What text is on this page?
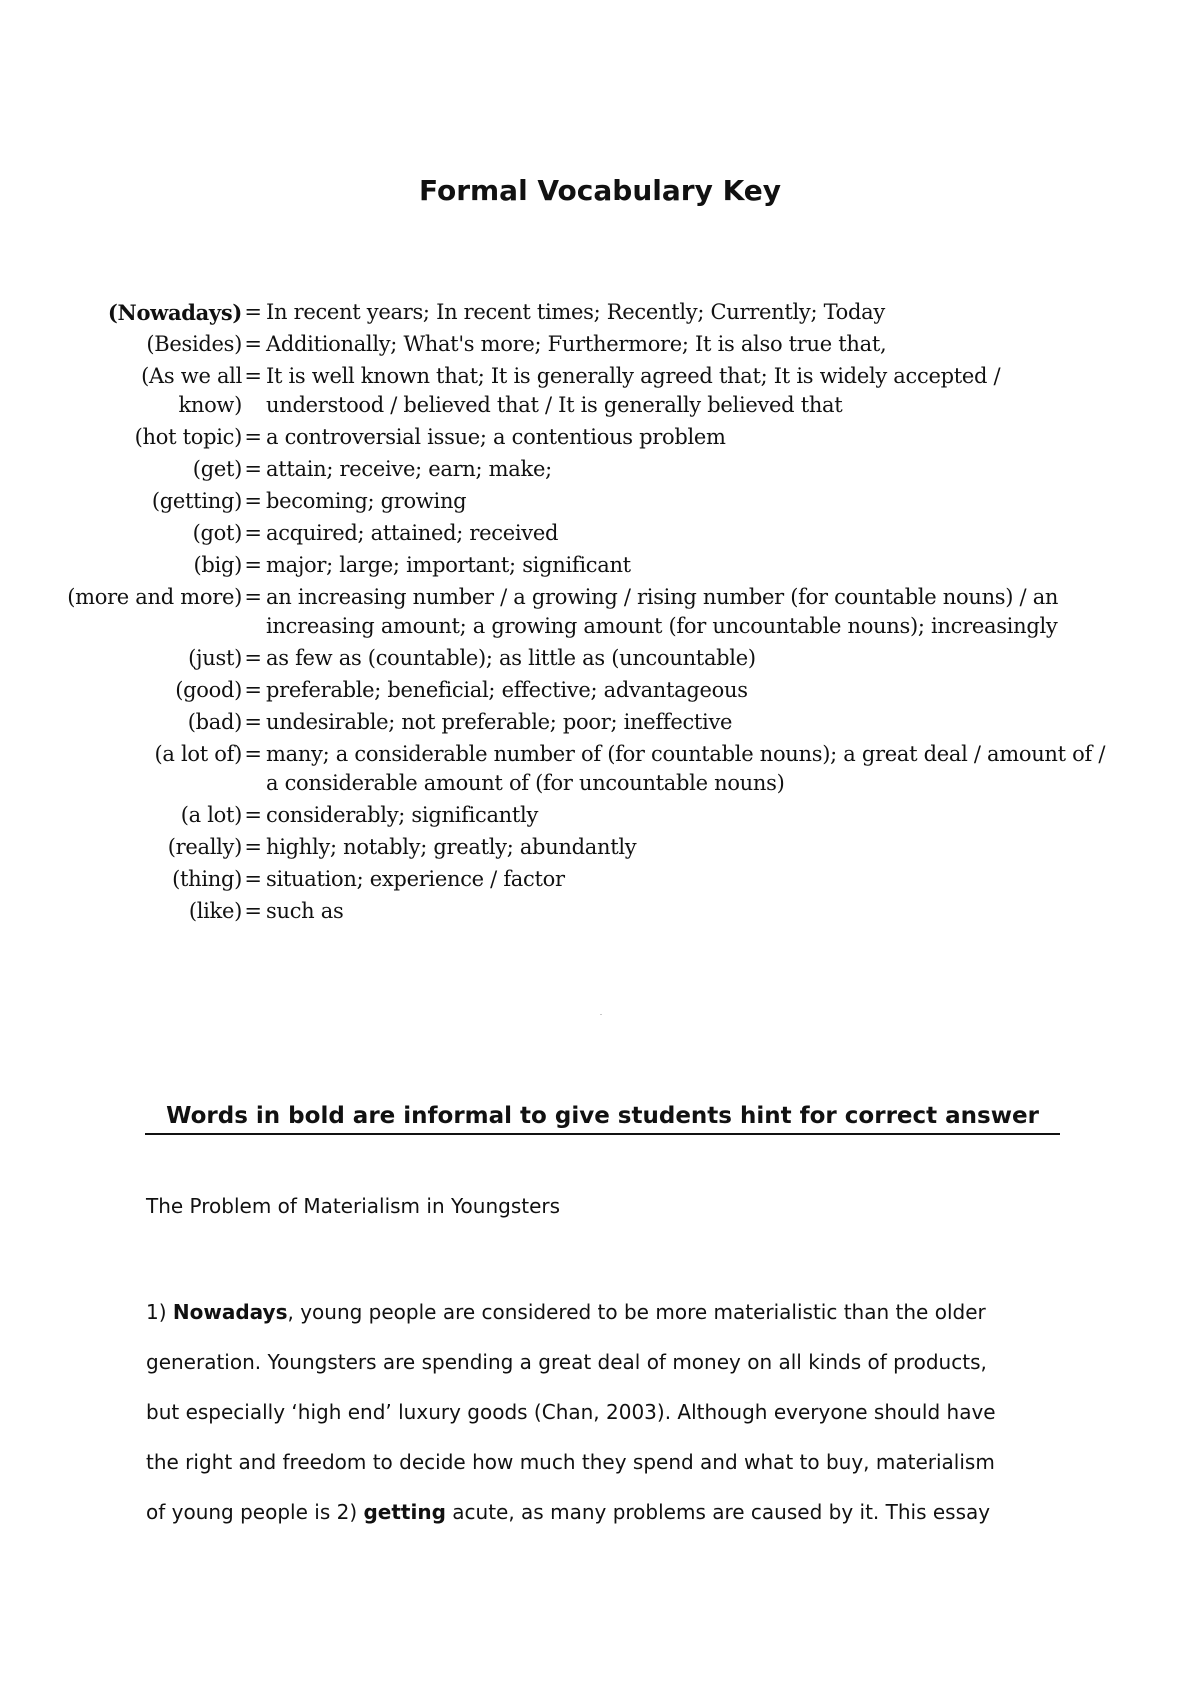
Formal Vocabulary Key
(Nowadays) = In recent years; In recent times; Recently; Currently; Today
(Besides) = Additionally; What's more; Furthermore; It is also true that,
(As we all
know)
= It is well known that; It is generally agreed that; It is widely accepted / understood / believed that / It is generally believed that
(hot topic) = a controversial issue; a contentious problem
(get) = attain; receive; earn; make;
(getting) = becoming; growing
(got) = acquired; attained; received
(big) = major; large; important; significant
(more and more) = an increasing number / a growing / rising number (for countable nouns) / an increasing amount; a growing amount (for uncountable nouns); increasingly
(just) = as few as (countable); as little as (uncountable)
(good) = preferable; beneficial; effective; advantageous
(bad) = undesirable; not preferable; poor; ineffective
(a lot of) = many; a considerable number of (for countable nouns); a great deal / amount of / a considerable amount of (for uncountable nouns)
(a lot) = considerably; significantly
(really) = highly; notably; greatly; abundantly
(thing) = situation; experience / factor
(like) = such as
Words in bold are informal to give students hint for correct answer
The Problem of Materialism in Youngsters
1) Nowadays, young people are considered to be more materialistic than the older
generation. Youngsters are spending a great deal of money on all kinds of products,
but especially ‘high end’ luxury goods (Chan, 2003). Although everyone should have
the right and freedom to decide how much they spend and what to buy, materialism
of young people is 2) getting acute, as many problems are caused by it. This essay
